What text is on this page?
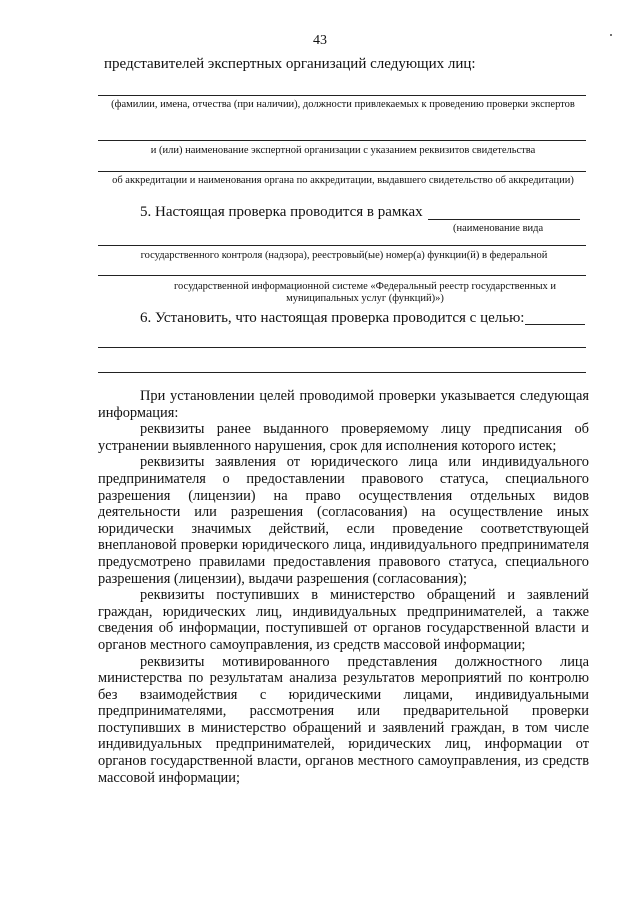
43
представителей экспертных организаций следующих лиц:
(фамилии, имена, отчества (при наличии), должности привлекаемых к проведению проверки экспертов
и (или) наименование экспертной организации с указанием реквизитов свидетельства
об аккредитации и наименования органа по аккредитации, выдавшего свидетельство об аккредитации)
5. Настоящая проверка проводится в рамках
(наименование вида
государственного контроля (надзора), реестровый(ые) номер(а) функции(й) в федеральной
государственной информационной системе «Федеральный реестр государственных и муниципальных услуг (функций)»)
6. Установить, что настоящая проверка проводится с целью:

При установлении целей проводимой проверки указывается следующая информация:

реквизиты ранее выданного проверяемому лицу предписания об устранении выявленного нарушения, срок для исполнения которого истек;

реквизиты заявления от юридического лица или индивидуального предпринимателя о предоставлении правового статуса, специального разрешения (лицензии) на право осуществления отдельных видов деятельности или разрешения (согласования) на осуществление иных юридически значимых действий, если проведение соответствующей внеплановой проверки юридического лица, индивидуального предпринимателя предусмотрено правилами предоставления правового статуса, специального разрешения (лицензии), выдачи разрешения (согласования);

реквизиты поступивших в министерство обращений и заявлений граждан, юридических лиц, индивидуальных предпринимателей, а также сведения об информации, поступившей от органов государственной власти и органов местного самоуправления, из средств массовой информации;

реквизиты мотивированного представления должностного лица министерства по результатам анализа результатов мероприятий по контролю без взаимодействия с юридическими лицами, индивидуальными предпринимателями, рассмотрения или предварительной проверки поступивших в министерство обращений и заявлений граждан, в том числе индивидуальных предпринимателей, юридических лиц, информации от органов государственной власти, органов местного самоуправления, из средств массовой информации;
